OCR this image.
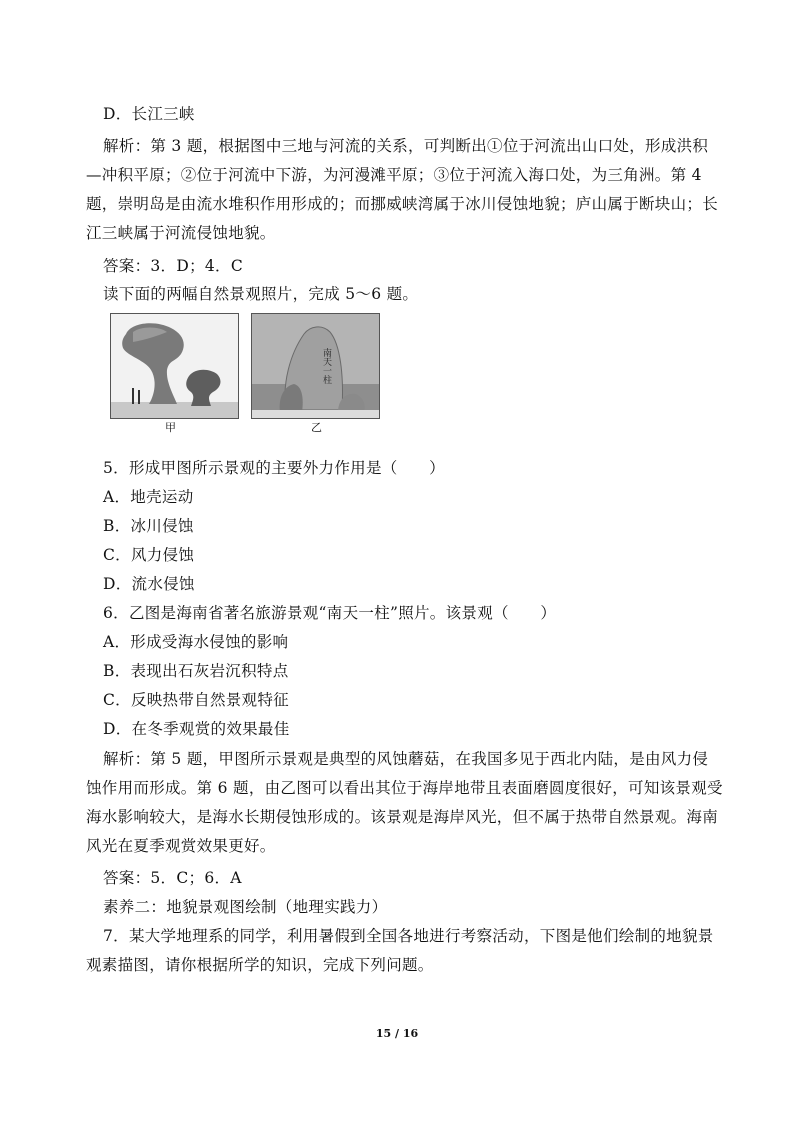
D．长江三峡
解析：第 3 题，根据图中三地与河流的关系，可判断出①位于河流出山口处，形成洪积
—冲积平原；②位于河流中下游，为河漫滩平原；③位于河流入海口处，为三角洲。第 4
题，崇明岛是由流水堆积作用形成的；而挪威峡湾属于冰川侵蚀地貌；庐山属于断块山；长
江三峡属于河流侵蚀地貌。
答案：3．D；4．C
读下面的两幅自然景观照片，完成 5～6 题。
甲
南天一柱
乙
5．形成甲图所示景观的主要外力作用是（　　）
A．地壳运动
B．冰川侵蚀
C．风力侵蚀
D．流水侵蚀
6．乙图是海南省著名旅游景观“南天一柱”照片。该景观（　　）
A．形成受海水侵蚀的影响
B．表现出石灰岩沉积特点
C．反映热带自然景观特征
D．在冬季观赏的效果最佳
解析：第 5 题，甲图所示景观是典型的风蚀蘑菇，在我国多见于西北内陆，是由风力侵
蚀作用而形成。第 6 题，由乙图可以看出其位于海岸地带且表面磨圆度很好，可知该景观受
海水影响较大，是海水长期侵蚀形成的。该景观是海岸风光，但不属于热带自然景观。海南
风光在夏季观赏效果更好。
答案：5．C；6．A
素养二：地貌景观图绘制（地理实践力）
7．某大学地理系的同学，利用暑假到全国各地进行考察活动，下图是他们绘制的地貌景
观素描图，请你根据所学的知识，完成下列问题。
15 / 16
